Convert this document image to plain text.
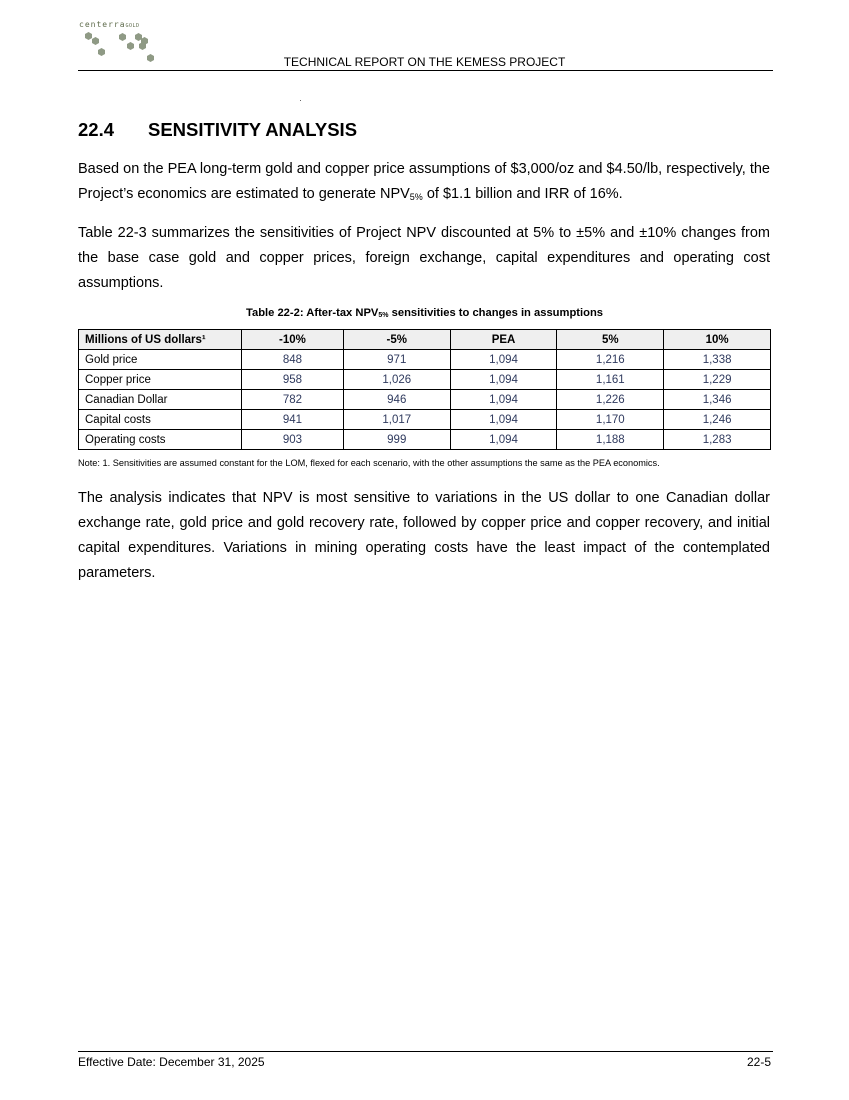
centerraGOLD
TECHNICAL REPORT ON THE KEMESS PROJECT
22.4 SENSITIVITY ANALYSIS

Based on the PEA long-term gold and copper price assumptions of $3,000/oz and $4.50/lb, respectively, the Project’s economics are estimated to generate $NPV_{5\%}$ of $1.1 billion and IRR of 16%.

Table 22-3 summarizes the sensitivities of Project NPV discounted at 5% to ±5% and ±10% changes from the base case gold and copper prices, foreign exchange, capital expenditures and operating cost assumptions.

Table 22-2: After-tax $NPV_{5\%}$ sensitivities to changes in assumptions
Millions of US dollars¹	-10%	-5%	PEA	5%	10%
Gold price	848	971	1,094	1,216	1,338
Copper price	958	1,026	1,094	1,161	1,229
Canadian Dollar	782	946	1,094	1,226	1,346
Capital costs	941	1,017	1,094	1,170	1,246
Operating costs	903	999	1,094	1,188	1,283
Note: 1. Sensitivities are assumed constant for the LOM, flexed for each scenario, with the other assumptions the same as the PEA economics.

The analysis indicates that NPV is most sensitive to variations in the US dollar to one Canadian dollar exchange rate, gold price and gold recovery rate, followed by copper price and copper recovery, and initial capital expenditures. Variations in mining operating costs have the least impact of the contemplated parameters.

Effective Date: December 31, 2025	22-5
